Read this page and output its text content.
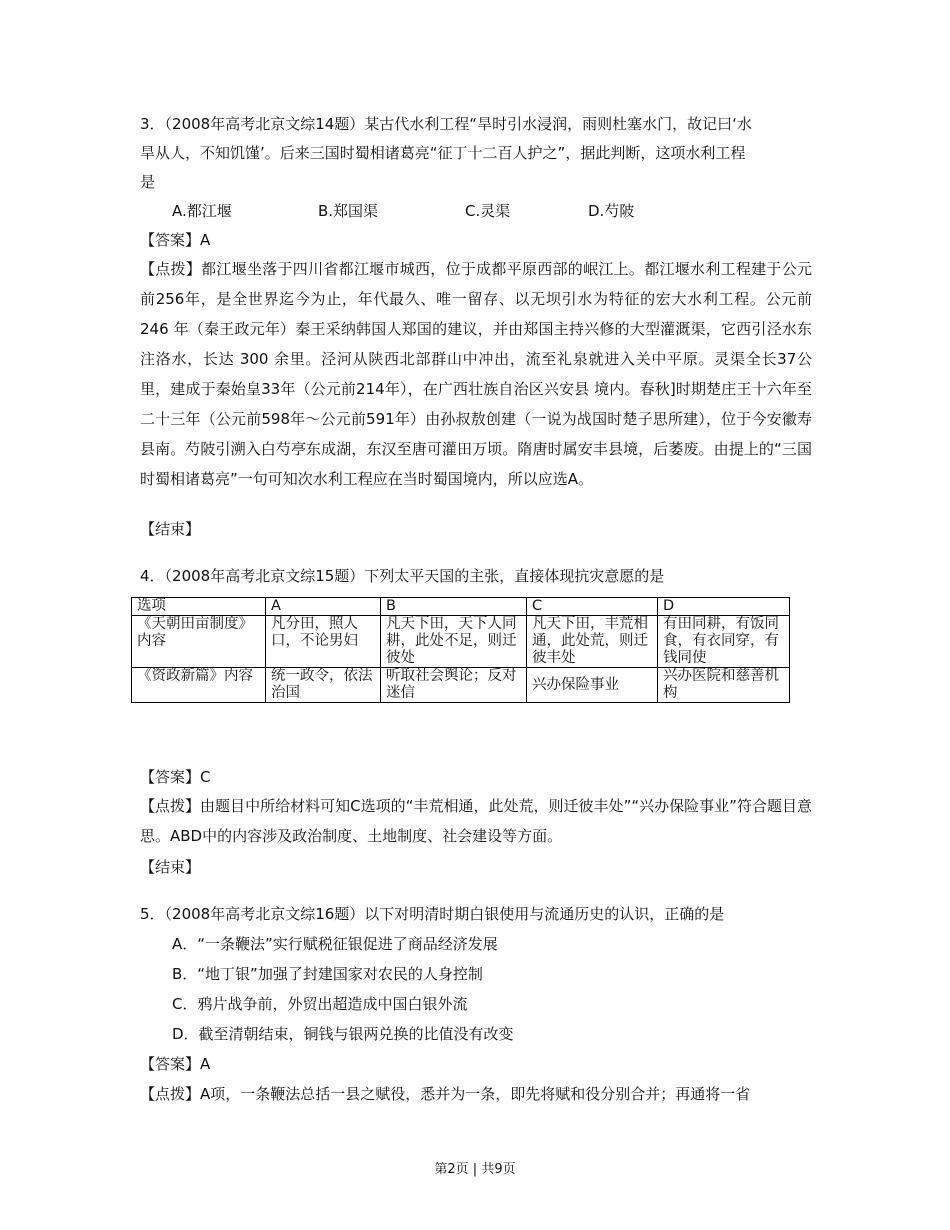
3．（2008年高考北京文综14题）某古代水利工程“旱时引水浸润，雨则杜塞水门，故记曰‘水
旱从人，不知饥馑’。后来三国时蜀相诸葛亮“征丁十二百人护之”，据此判断，这项水利工程
是
A.都江堰	B.郑国渠	C.灵渠	D.芍陂
【答案】A
【点拨】都江堰坐落于四川省都江堰市城西，位于成都平原西部的岷江上。都江堰水利工程建于公元前256年，是全世界迄今为止，年代最久、唯一留存、以无坝引水为特征的宏大水利工程。公元前 246 年（秦王政元年）秦王采纳韩国人郑国的建议，并由郑国主持兴修的大型灌溉渠，它西引泾水东注洛水，长达 300 余里。泾河从陕西北部群山中冲出，流至礼泉就进入关中平原。灵渠全长37公里，建成于秦始皇33年（公元前214年），在广西壮族自治区兴安县 境内。春秋]时期楚庄王十六年至二十三年（公元前598年～公元前591年）由孙叔敖创建（一说为战国时楚子思所建），位于今安徽寿县南。芍陂引溯入白芍亭东成湖，东汉至唐可灌田万顷。隋唐时属安丰县境，后萎废。由提上的“三国时蜀相诸葛亮”一句可知次水利工程应在当时蜀国境内，所以应选A。
【结束】
4．（2008年高考北京文综15题）下列太平天国的主张，直接体现抗灾意愿的是
选项	A	B	C	D
《天朝田亩制度》内容	凡分田，照人口，不论男妇	凡天下田，天下人同耕，此处不足，则迁彼处	凡天下田，丰荒相通，此处荒，则迁彼丰处	有田同耕，有饭同食，有衣同穿，有钱同使
《资政新篇》内容	统一政令，依法治国	听取社会舆论；反对迷信	兴办保险事业	兴办医院和慈善机构
【答案】C
【点拨】由题目中所给材料可知C选项的“丰荒相通，此处荒，则迁彼丰处”“兴办保险事业”符合题目意思。ABD中的内容涉及政治制度、土地制度、社会建设等方面。
【结束】
5．（2008年高考北京文综16题）以下对明清时期白银使用与流通历史的认识，正确的是
A．“一条鞭法”实行赋税征银促进了商品经济发展
B．“地丁银”加强了封建国家对农民的人身控制
C．鸦片战争前，外贸出超造成中国白银外流
D．截至清朝结束，铜钱与银两兑换的比值没有改变
【答案】A
【点拨】A项，一条鞭法总括一县之赋役，悉并为一条，即先将赋和役分别合并；再通将一省
第2页 | 共9页
